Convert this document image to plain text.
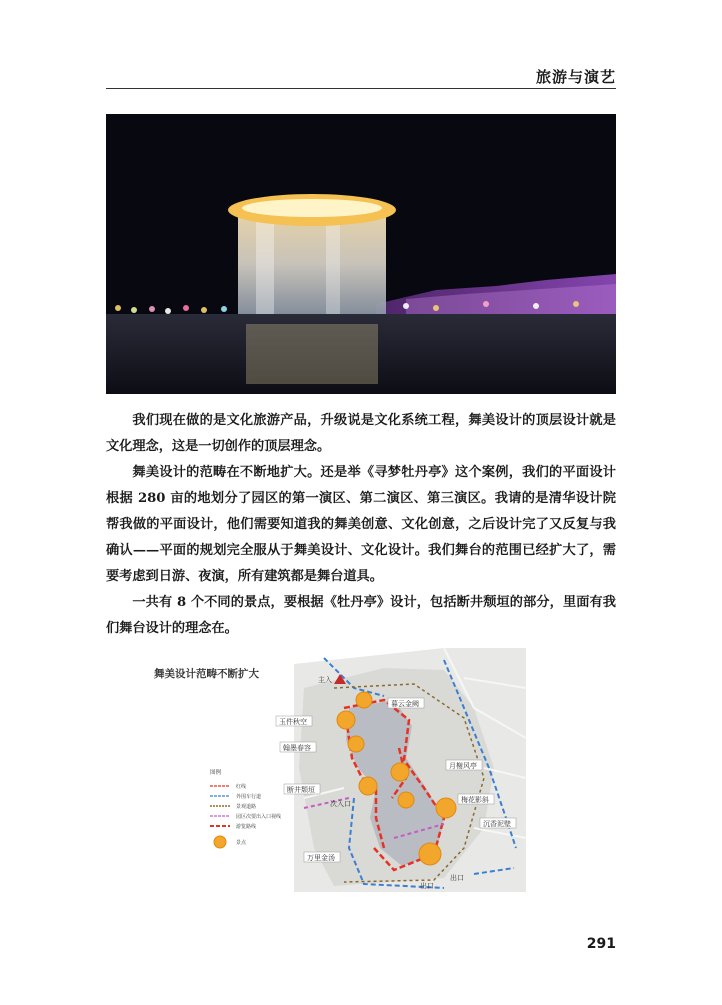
旅游与演艺

我们现在做的是文化旅游产品，升级说是文化系统工程，舞美设计的顶层设计就是文化理念，这是一切创作的顶层理念。

舞美设计的范畴在不断地扩大。还是举《寻梦牡丹亭》这个案例，我们的平面设计根据 280 亩的地划分了园区的第一演区、第二演区、第三演区。我请的是清华设计院帮我做的平面设计，他们需要知道我的舞美创意、文化创意，之后设计完了又反复与我确认——平面的规划完全服从于舞美设计、文化设计。我们舞台的范围已经扩大了，需要考虑到日游、夜演，所有建筑都是舞台道具。

一共有 8 个不同的景点，要根据《牡丹亭》设计，包括断井颓垣的部分，里面有我们舞台设计的理念在。

舞美设计范畴不断扩大	主入
暮云金阙
玉件秋空
翰墨春容
月榭风亭
断井颓垣
次入口	梅花影斜
沉香泥壁
万里金汤
出口
出口
图例
红线
外围车行道
景观道路
园区次要出入口视线
游览路线
景点
291
